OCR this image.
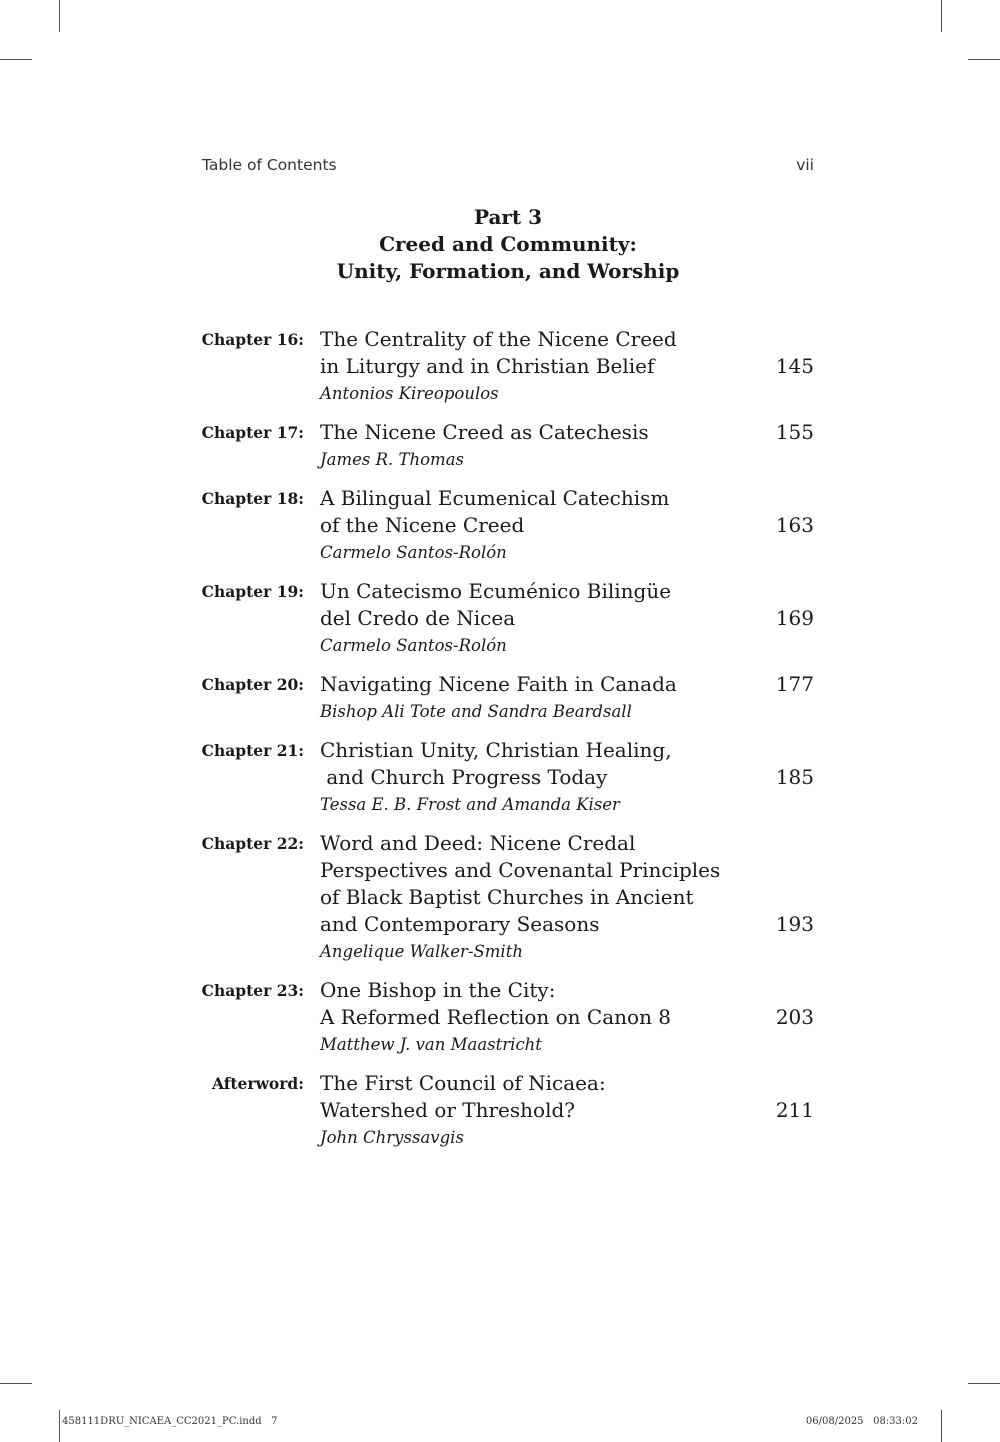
Table of Contents	vii
Part 3
Creed and Community:
Unity, Formation, and Worship
Chapter 16: The Centrality of the Nicene Creed
in Liturgy and in Christian Belief
Antonios Kireopoulos
145
Chapter 17: The Nicene Creed as Catechesis
James R. Thomas
155
Chapter 18: A Bilingual Ecumenical Catechism
of the Nicene Creed
Carmelo Santos-Rolón
163
Chapter 19: Un Catecismo Ecuménico Bilingüe
del Credo de Nicea
Carmelo Santos-Rolón
169
Chapter 20: Navigating Nicene Faith in Canada
Bishop Ali Tote and Sandra Beardsall
177
Chapter 21: Christian Unity, Christian Healing,
and Church Progress Today
Tessa E. B. Frost and Amanda Kiser
185
Chapter 22: Word and Deed: Nicene Credal
Perspectives and Covenantal Principles
of Black Baptist Churches in Ancient
and Contemporary Seasons
Angelique Walker-Smith
193
Chapter 23: One Bishop in the City:
A Reformed Reflection on Canon 8
Matthew J. van Maastricht
203
Afterword: The First Council of Nicaea:
Watershed or Threshold?
John Chryssavgis
211
458111DRU_NICAEA_CC2021_PC.indd   7	06/08/2025   08:33:02
